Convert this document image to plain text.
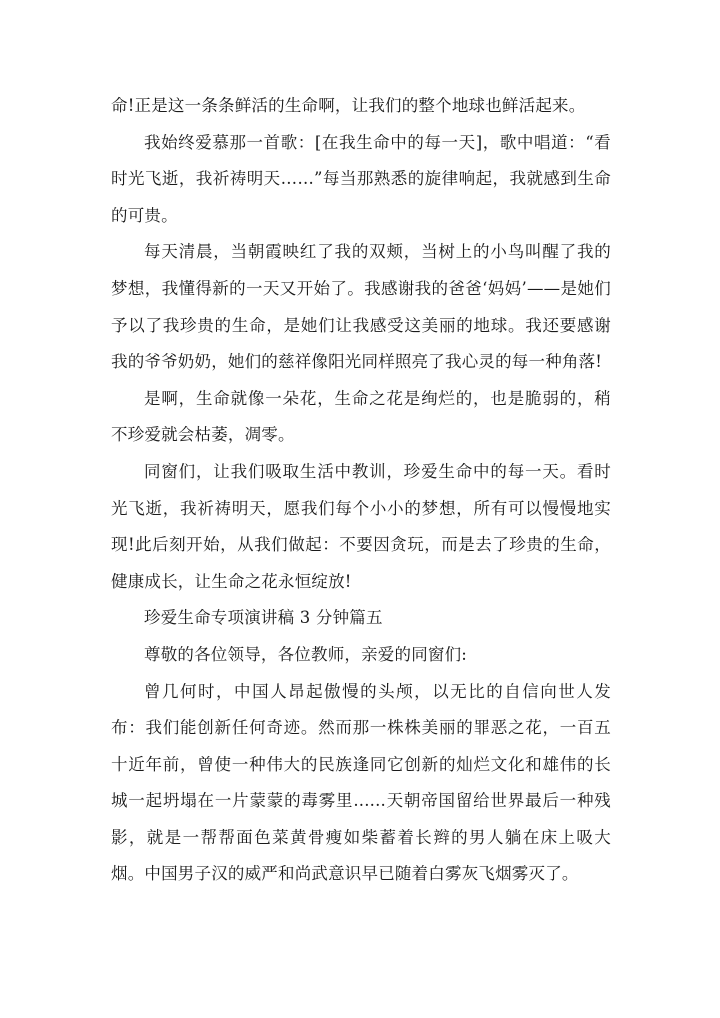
命!正是这一条条鲜活的生命啊，让我们的整个地球也鲜活起来。

我始终爱慕那一首歌：[在我生命中的每一天]，歌中唱道：“看时光飞逝，我祈祷明天……”每当那熟悉的旋律响起，我就感到生命的可贵。

每天清晨，当朝霞映红了我的双颊，当树上的小鸟叫醒了我的梦想，我懂得新的一天又开始了。我感谢我的爸爸‘妈妈’——是她们予以了我珍贵的生命，是她们让我感受这美丽的地球。我还要感谢我的爷爷奶奶，她们的慈祥像阳光同样照亮了我心灵的每一种角落!

是啊，生命就像一朵花，生命之花是绚烂的，也是脆弱的，稍不珍爱就会枯萎，凋零。

同窗们，让我们吸取生活中教训，珍爱生命中的每一天。看时光飞逝，我祈祷明天，愿我们每个小小的梦想，所有可以慢慢地实现!此后刻开始，从我们做起：不要因贪玩，而是去了珍贵的生命，健康成长，让生命之花永恒绽放!

珍爱生命专项演讲稿 3 分钟篇五

尊敬的各位领导，各位教师，亲爱的同窗们:

曾几何时，中国人昂起傲慢的头颅，以无比的自信向世人发布：我们能创新任何奇迹。然而那一株株美丽的罪恶之花，一百五十近年前，曾使一种伟大的民族逢同它创新的灿烂文化和雄伟的长城一起坍塌在一片蒙蒙的毒雾里......天朝帝国留给世界最后一种残影，就是一帮帮面色菜黄骨瘦如柴蓄着长辫的男人躺在床上吸大烟。中国男子汉的威严和尚武意识早已随着白雾灰飞烟雾灭了。
